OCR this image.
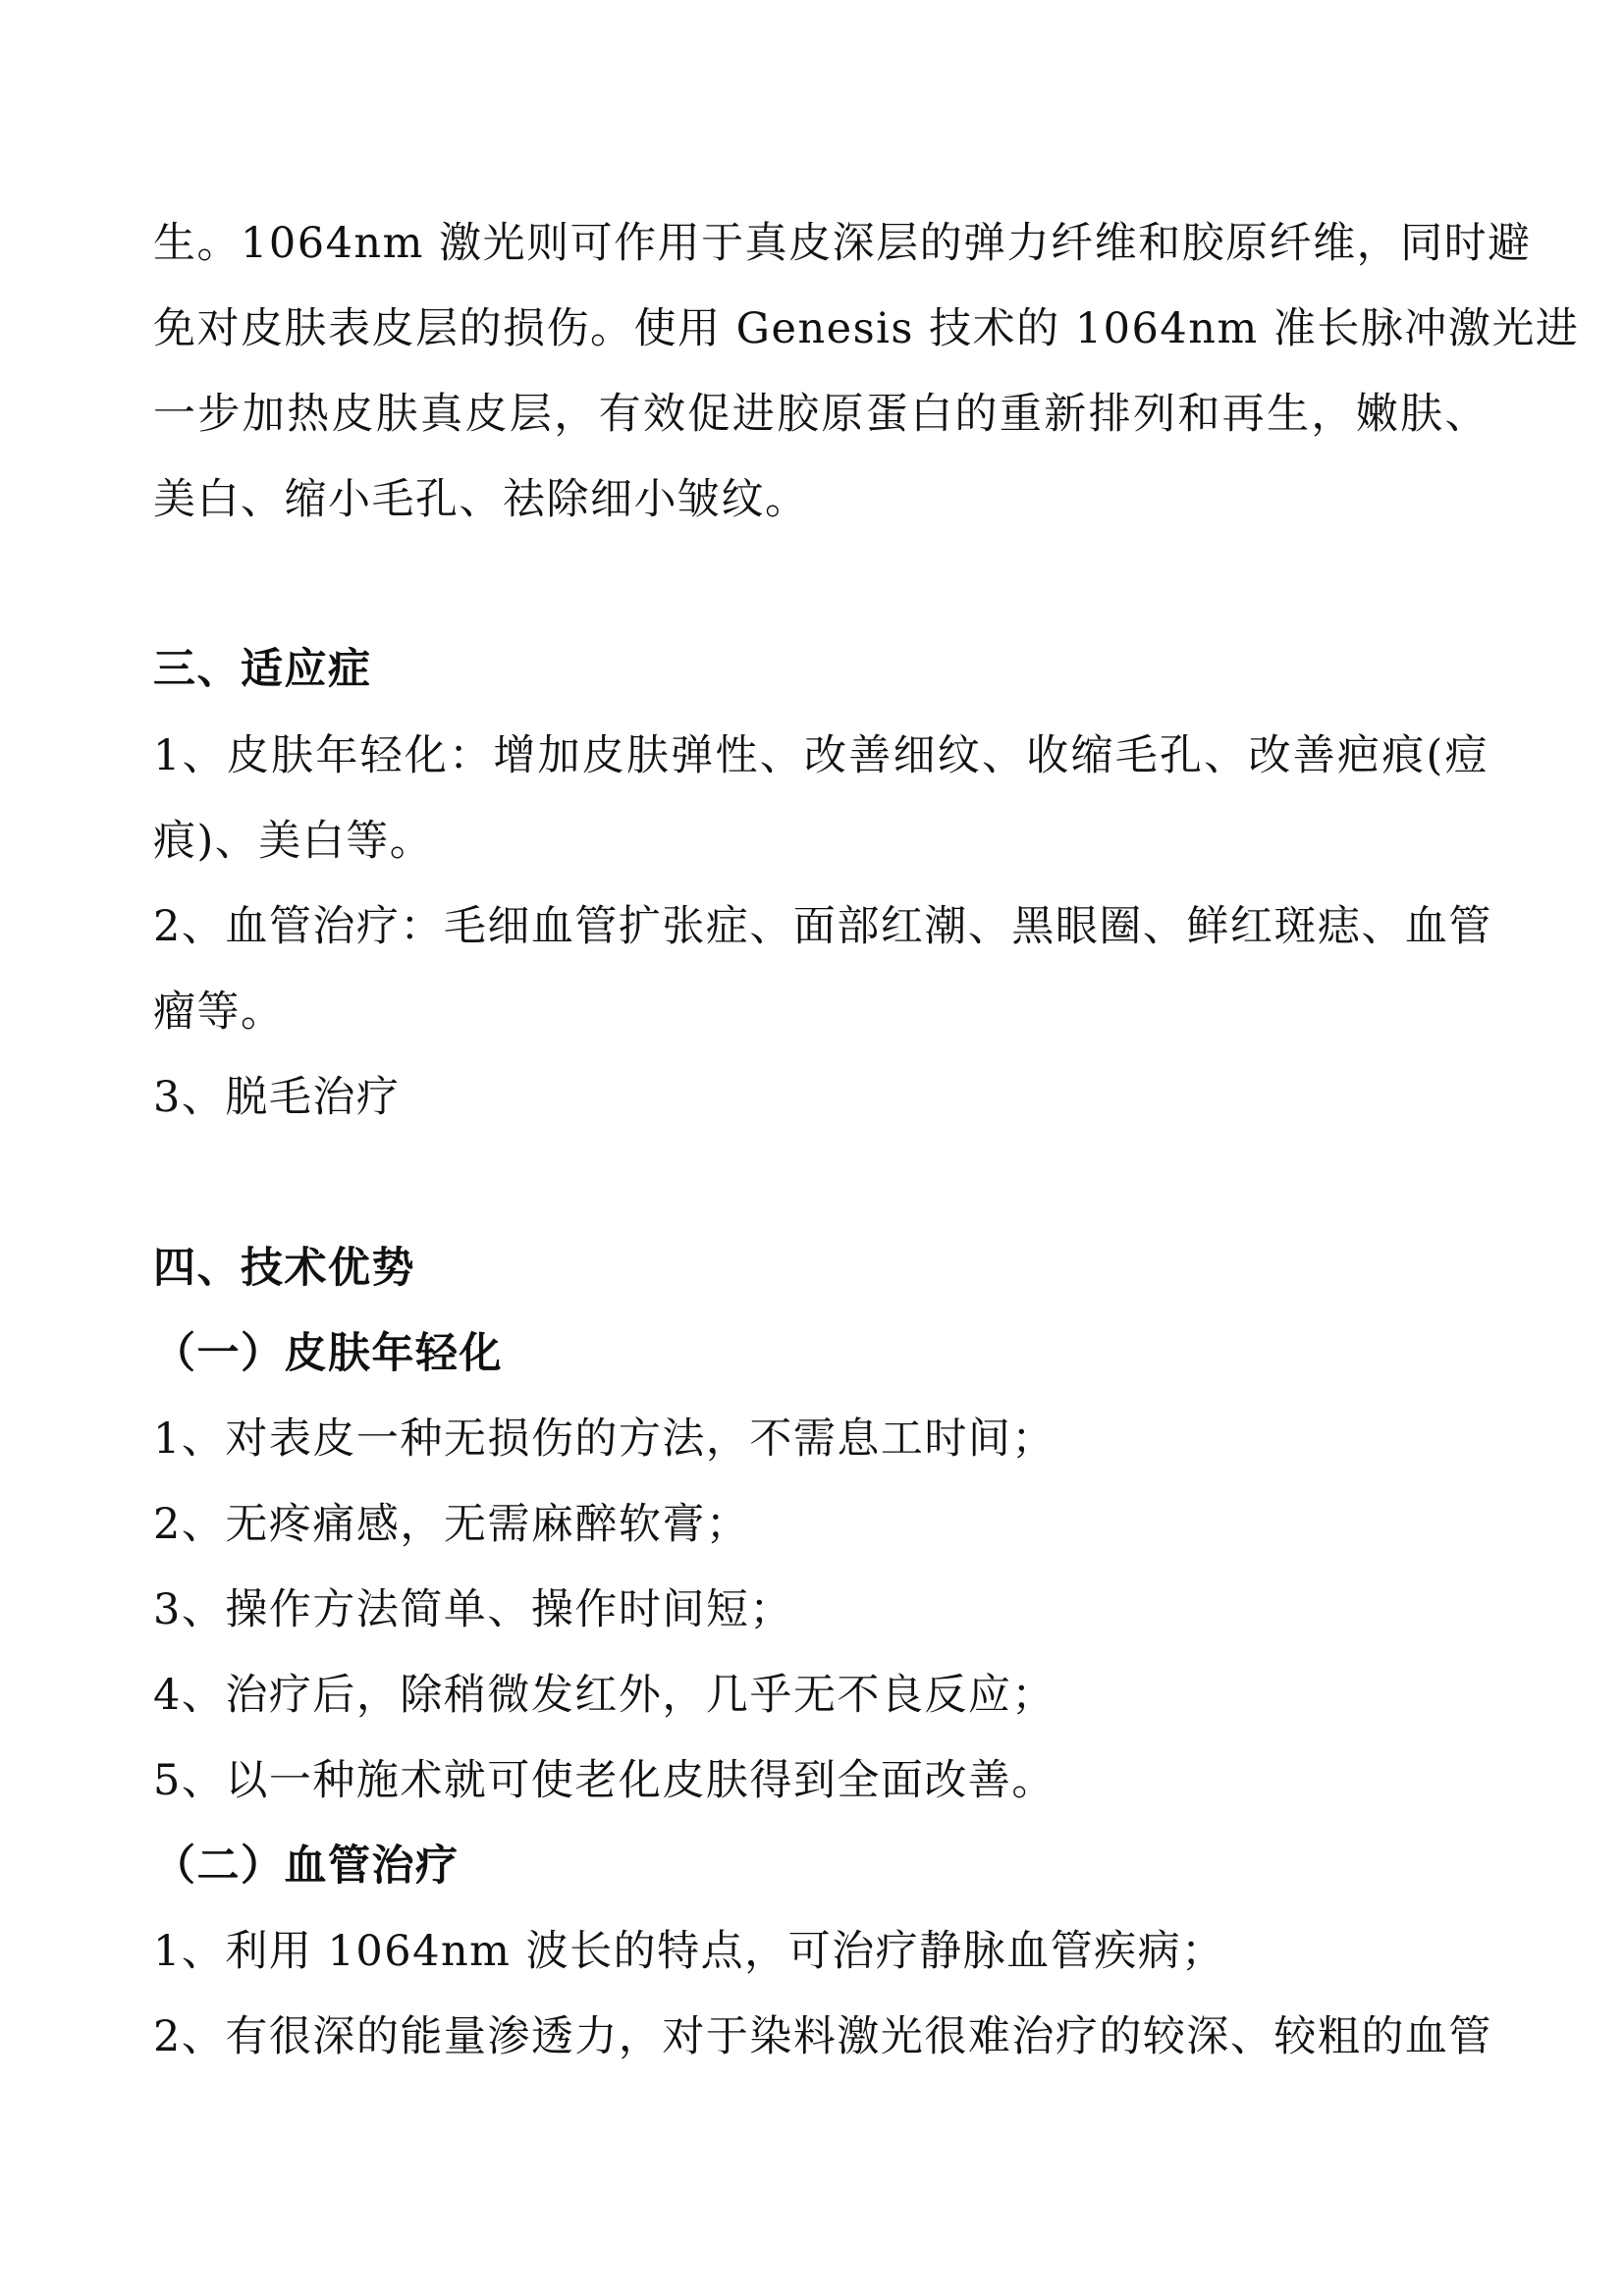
生。1064nm 激光则可作用于真皮深层的弹力纤维和胶原纤维，同时避
免对皮肤表皮层的损伤。使用 Genesis 技术的 1064nm 准长脉冲激光进
一步加热皮肤真皮层，有效促进胶原蛋白的重新排列和再生，嫩肤、
美白、缩小毛孔、祛除细小皱纹。
三、适应症
1、皮肤年轻化：增加皮肤弹性、改善细纹、收缩毛孔、改善疤痕(痘
痕)、美白等。
2、血管治疗：毛细血管扩张症、面部红潮、黑眼圈、鲜红斑痣、血管
瘤等。
3、脱毛治疗
四、技术优势
（一）皮肤年轻化
1、对表皮一种无损伤的方法，不需息工时间；
2、无疼痛感，无需麻醉软膏；
3、操作方法简单、操作时间短；
4、治疗后，除稍微发红外，几乎无不良反应；
5、以一种施术就可使老化皮肤得到全面改善。
（二）血管治疗
1、利用 1064nm 波长的特点，可治疗静脉血管疾病；
2、有很深的能量渗透力，对于染料激光很难治疗的较深、较粗的血管
